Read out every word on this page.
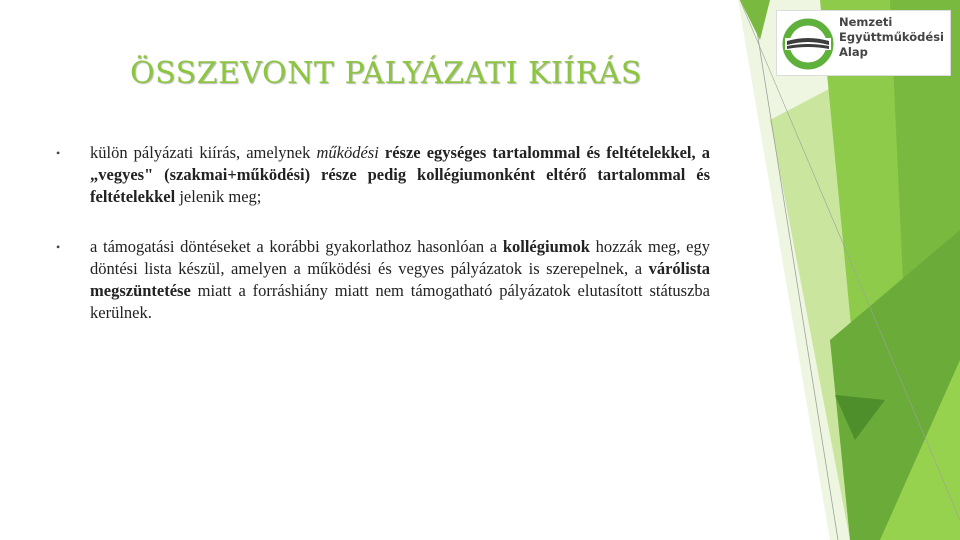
ÖSSZEVONT PÁLYÁZATI KIÍRÁS
• külön pályázati kiírás, amelynek működési része egységes tartalommal és feltételekkel, a „vegyes" (szakmai+működési) része pedig kollégiumonként eltérő tartalommal és feltételekkel jelenik meg;
• a támogatási döntéseket a korábbi gyakorlathoz hasonlóan a kollégiumok hozzák meg, egy döntési lista készül, amelyen a működési és vegyes pályázatok is szerepelnek, a várólista megszüntetése miatt a forráshiány miatt nem támogatható pályázatok elutasított státuszba kerülnek.
Nemzeti
Együttműködési
Alap
